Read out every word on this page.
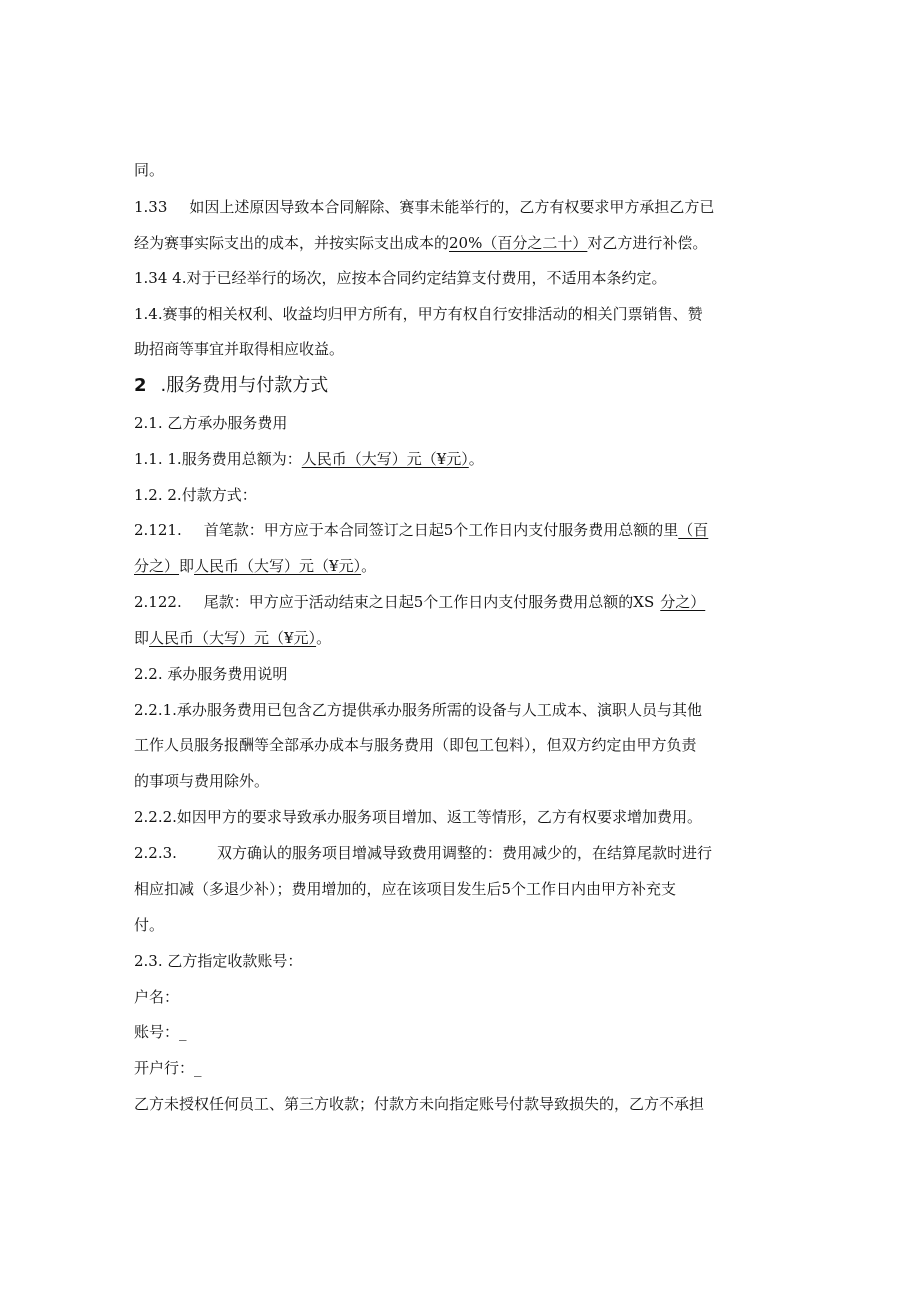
同。
1.33 如因上述原因导致本合同解除、赛事未能举行的，乙方有权要求甲方承担乙方已
经为赛事实际支出的成本，并按实际支出成本的20%（百分之二十）对乙方进行补偿。
1.34 4.对于已经举行的场次，应按本合同约定结算支付费用，不适用本条约定。
1.4.赛事的相关权利、收益均归甲方所有，甲方有权自行安排活动的相关门票销售、赞
助招商等事宜并取得相应收益。
2 .服务费用与付款方式
2.1. 乙方承办服务费用
1.1. 1.服务费用总额为：人民币（大写）元（¥元）。
1.2. 2.付款方式：
2.121. 首笔款：甲方应于本合同签订之日起5个工作日内支付服务费用总额的里（百
分之）即人民币（大写）元（¥元）。
2.122. 尾款：甲方应于活动结束之日起5个工作日内支付服务费用总额的XS 分之）
即人民币（大写）元（¥元）。
2.2. 承办服务费用说明
2.2.1.承办服务费用已包含乙方提供承办服务所需的设备与人工成本、演职人员与其他
工作人员服务报酬等全部承办成本与服务费用（即包工包料），但双方约定由甲方负责
的事项与费用除外。
2.2.2.如因甲方的要求导致承办服务项目增加、返工等情形，乙方有权要求增加费用。
2.2.3.	双方确认的服务项目增减导致费用调整的：费用减少的，在结算尾款时进行
相应扣减（多退少补）；费用增加的，应在该项目发生后5个工作日内由甲方补充支
付。
2.3. 乙方指定收款账号：
户名：
账号：_
开户行：_
乙方未授权任何员工、第三方收款；付款方未向指定账号付款导致损失的，乙方不承担
